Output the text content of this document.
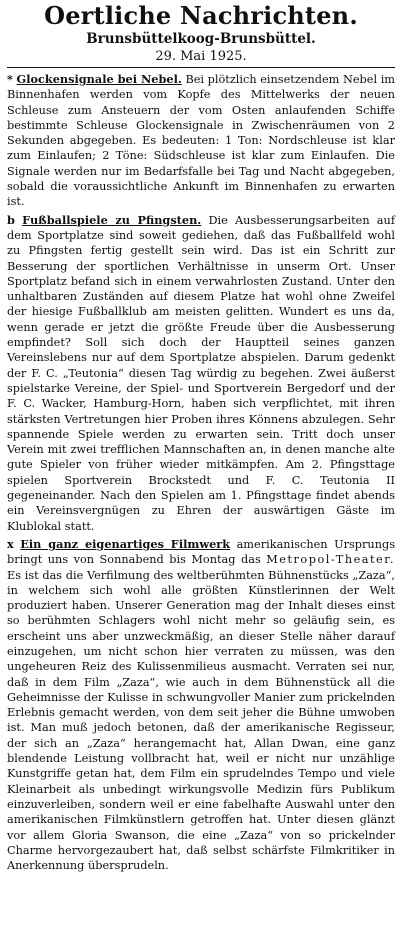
Oertliche Nachrichten.
Brunsbüttelkoog-Brunsbüttel.
29. Mai 1925.

* Glockensignale bei Nebel. Bei plötzlich einsetzendem Nebel im Binnenhafen werden vom Kopfe des Mittelwerks der neuen Schleuse zum Ansteuern der vom Osten anlaufenden Schiffe bestimmte Schleuse Glockensignale in Zwischenräumen von 2 Sekunden abgegeben. Es bedeuten: 1 Ton: Nordschleuse ist klar zum Einlaufen; 2 Töne: Südschleuse ist klar zum Einlaufen. Die Signale werden nur im Bedarfsfalle bei Tag und Nacht abgegeben, sobald die voraussichtliche Ankunft im Binnenhafen zu erwarten ist.

b Fußballspiele zu Pfingsten. Die Ausbesserungsarbeiten auf dem Sportplatze sind soweit gediehen, daß das Fußballfeld wohl zu Pfingsten fertig gestellt sein wird. Das ist ein Schritt zur Besserung der sportlichen Verhältnisse in unserm Ort. Unser Sportplatz befand sich in einem verwahrlosten Zustand. Unter den unhaltbaren Zuständen auf diesem Platze hat wohl ohne Zweifel der hiesige Fußballklub am meisten gelitten. Wundert es uns da, wenn gerade er jetzt die größte Freude über die Ausbesserung empfindet? Soll sich doch der Hauptteil seines ganzen Vereinslebens nur auf dem Sportplatze abspielen. Darum gedenkt der F. C. „Teutonia“ diesen Tag würdig zu begehen. Zwei äußerst spielstarke Vereine, der Spiel- und Sportverein Bergedorf und der F. C. Wacker, Hamburg-Horn, haben sich verpflichtet, mit ihren stärksten Vertretungen hier Proben ihres Könnens abzulegen. Sehr spannende Spiele werden zu erwarten sein. Tritt doch unser Verein mit zwei trefflichen Mannschaften an, in denen manche alte gute Spieler von früher wieder mitkämpfen. Am 2. Pfingsttage spielen Sportverein Brockstedt und F. C. Teutonia II gegeneinander. Nach den Spielen am 1. Pfingsttage findet abends ein Vereinsvergnügen zu Ehren der auswärtigen Gäste im Klublokal statt.

x Ein ganz eigenartiges Filmwerk amerikanischen Ursprungs bringt uns von Sonnabend bis Montag das Metropol-Theater. Es ist das die Verfilmung des weltberühmten Bühnenstücks „Zaza“, in welchem sich wohl alle größten Künstlerinnen der Welt produziert haben. Unserer Generation mag der Inhalt dieses einst so berühmten Schlagers wohl nicht mehr so geläufig sein, es erscheint uns aber unzweckmäßig, an dieser Stelle näher darauf einzugehen, um nicht schon hier verraten zu müssen, was den ungeheuren Reiz des Kulissenmilieus ausmacht. Verraten sei nur, daß in dem Film „Zaza“, wie auch in dem Bühnenstück all die Geheimnisse der Kulisse in schwungvoller Manier zum prickelnden Erlebnis gemacht werden, von dem seit jeher die Bühne umwoben ist. Man muß jedoch betonen, daß der amerikanische Regisseur, der sich an „Zaza“ herangemacht hat, Allan Dwan, eine ganz blendende Leistung vollbracht hat, weil er nicht nur unzählige Kunstgriffe getan hat, dem Film ein sprudelndes Tempo und viele Kleinarbeit als unbedingt wirkungsvolle Medizin fürs Publikum einzuverleiben, sondern weil er eine fabelhafte Auswahl unter den amerikanischen Filmkünstlern getroffen hat. Unter diesen glänzt vor allem Gloria Swanson, die eine „Zaza“ von so prickelnder Charme hervorgezaubert hat, daß selbst schärfste Filmkritiker in Anerkennung übersprudeln.
